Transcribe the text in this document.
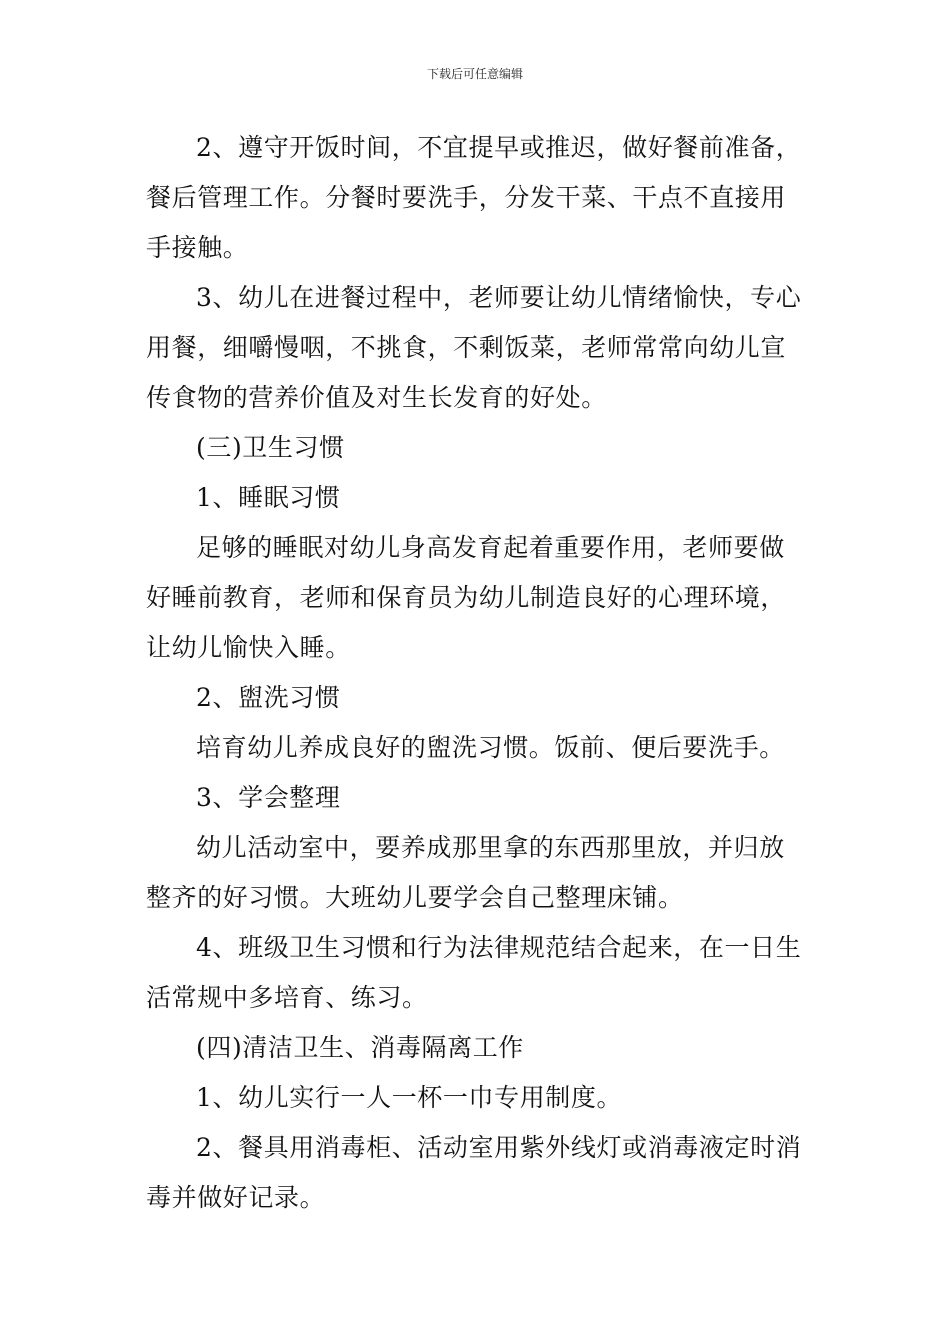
下载后可任意编辑

2、遵守开饭时间，不宜提早或推迟，做好餐前准备，餐后管理工作。分餐时要洗手，分发干菜、干点不直接用手接触。

3、幼儿在进餐过程中，老师要让幼儿情绪愉快，专心用餐，细嚼慢咽，不挑食，不剩饭菜，老师常常向幼儿宣传食物的营养价值及对生长发育的好处。

(三)卫生习惯

1、睡眠习惯

足够的睡眠对幼儿身高发育起着重要作用，老师要做好睡前教育，老师和保育员为幼儿制造良好的心理环境，让幼儿愉快入睡。

2、盥洗习惯

培育幼儿养成良好的盥洗习惯。饭前、便后要洗手。

3、学会整理

幼儿活动室中，要养成那里拿的东西那里放，并归放整齐的好习惯。大班幼儿要学会自己整理床铺。

4、班级卫生习惯和行为法律规范结合起来，在一日生活常规中多培育、练习。

(四)清洁卫生、消毒隔离工作

1、幼儿实行一人一杯一巾专用制度。

2、餐具用消毒柜、活动室用紫外线灯或消毒液定时消毒并做好记录。
